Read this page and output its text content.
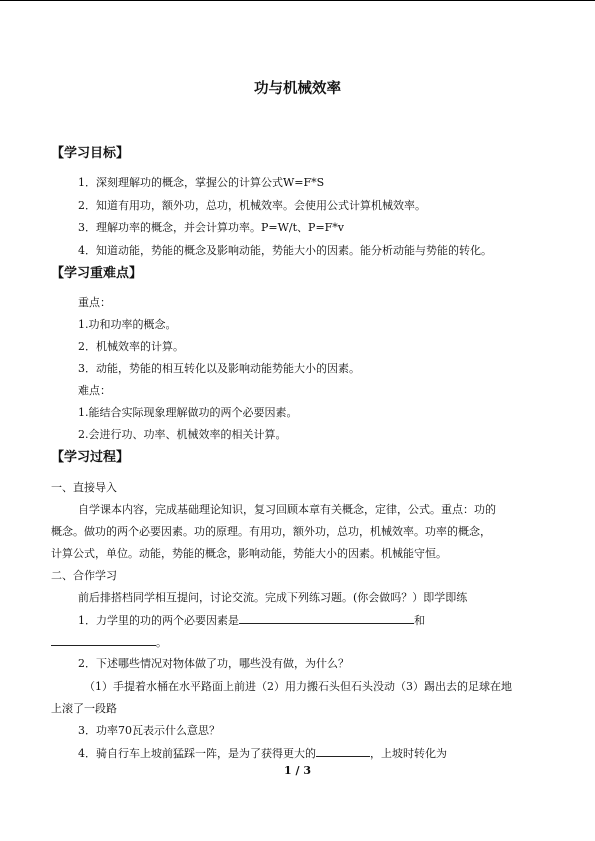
功与机械效率
【学习目标】
1．深刻理解功的概念，掌握公的计算公式W=F*S
2．知道有用功，额外功，总功，机械效率。会使用公式计算机械效率。
3．理解功率的概念，并会计算功率。P=W/t、P=F*v
4．知道动能，势能的概念及影响动能，势能大小的因素。能分析动能与势能的转化。
【学习重难点】
重点：
1.功和功率的概念。
2．机械效率的计算。
3．动能，势能的相互转化以及影响动能势能大小的因素。
难点：
1.能结合实际现象理解做功的两个必要因素。
2.会进行功、功率、机械效率的相关计算。
【学习过程】
一、直接导入
自学课本内容，完成基础理论知识，复习回顾本章有关概念，定律，公式。重点：功的
概念。做功的两个必要因素。功的原理。有用功，额外功，总功，机械效率。功率的概念，
计算公式，单位。动能，势能的概念，影响动能，势能大小的因素。机械能守恒。
二、合作学习
前后排搭档同学相互提问，讨论交流。完成下列练习题。(你会做吗？）即学即练
1．力学里的功的两个必要因素是	和
。
2．下述哪些情况对物体做了功，哪些没有做，为什么？
（1）手提着水桶在水平路面上前进（2）用力搬石头但石头没动（3）踢出去的足球在地
上滚了一段路
3．功率70瓦表示什么意思？
4．骑自行车上坡前猛踩一阵，是为了获得更大的	，上坡时转化为
1 / 3
